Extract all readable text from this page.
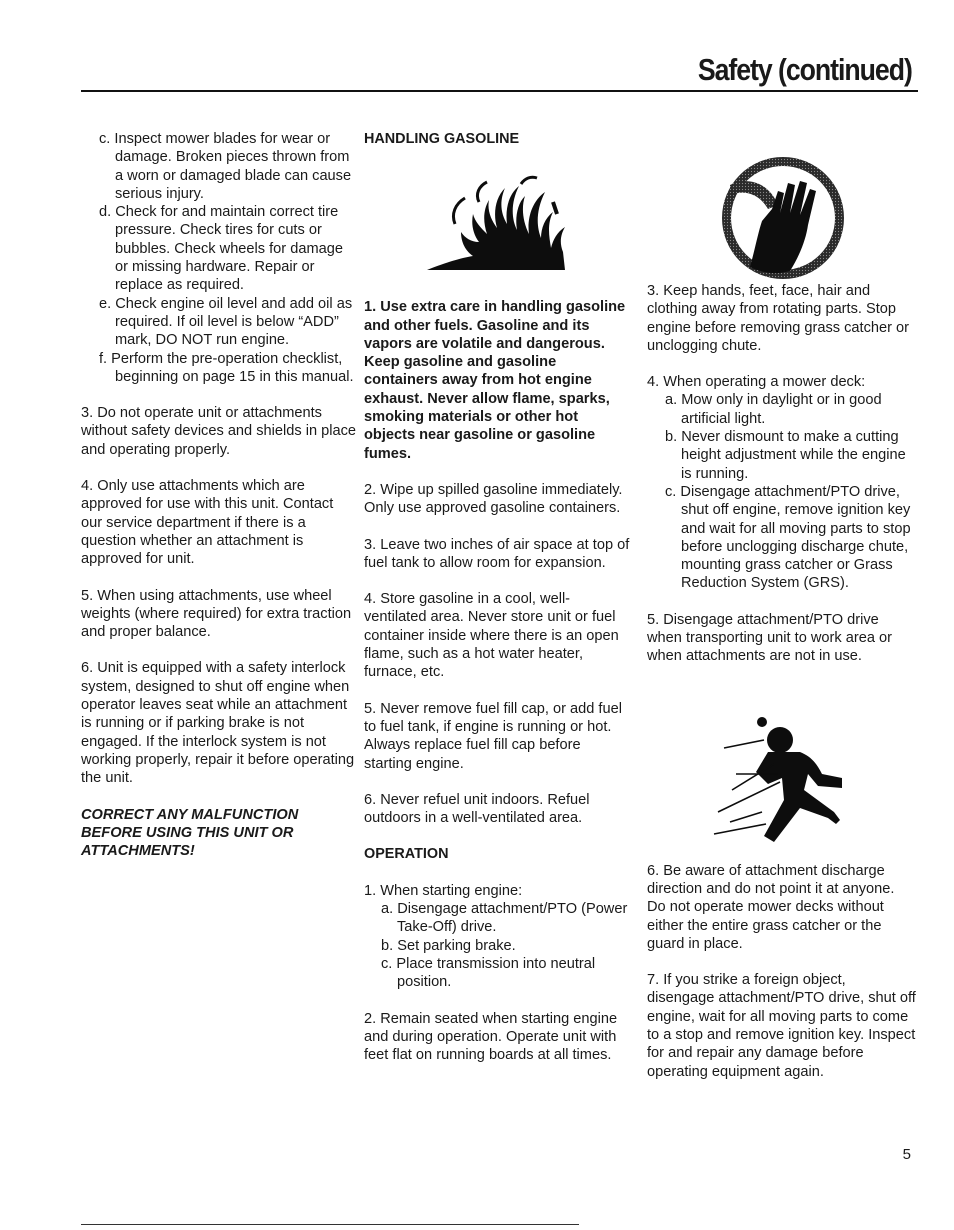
Safety (continued)

c. Inspect mower blades for wear or damage. Broken pieces thrown from a worn or damaged blade can cause serious injury.

d. Check for and maintain correct tire pressure. Check tires for cuts or bubbles. Check wheels for damage or missing hardware. Repair or replace as required.

e. Check engine oil level and add oil as required. If oil level is below “ADD” mark, DO NOT run engine.

f. Perform the pre-operation checklist, beginning on page 15 in this manual.

3. Do not operate unit or attachments without safety devices and shields in place and operating properly.

4. Only use attachments which are approved for use with this unit. Contact our service department if there is a question whether an attachment is approved for unit.

5. When using attachments, use wheel weights (where required) for extra traction and proper balance.

6. Unit is equipped with a safety interlock system, designed to shut off engine when operator leaves seat while an attachment is running or if parking brake is not engaged. If the interlock system is not working properly, repair it before operating the unit.

CORRECT ANY MALFUNCTION BEFORE USING THIS UNIT OR ATTACHMENTS!

HANDLING GASOLINE

1. Use extra care in handling gasoline and other fuels. Gasoline and its vapors are volatile and dangerous. Keep gasoline and gasoline containers away from hot engine exhaust. Never allow flame, sparks, smoking materials or other hot objects near gasoline or gasoline fumes.

2. Wipe up spilled gasoline immediately. Only use approved gasoline containers.

3. Leave two inches of air space at top of fuel tank to allow room for expansion.

4. Store gasoline in a cool, well-ventilated area. Never store unit or fuel container inside where there is an open flame, such as a hot water heater, furnace, etc.

5. Never remove fuel fill cap, or add fuel to fuel tank, if engine is running or hot. Always replace fuel fill cap before starting engine.

6. Never refuel unit indoors. Refuel outdoors in a well-ventilated area.

OPERATION

1. When starting engine:

a. Disengage attachment/PTO (Power Take-Off) drive.

b. Set parking brake.

c. Place transmission into neutral position.

2. Remain seated when starting engine and during operation. Operate unit with feet flat on running boards at all times.

3. Keep hands, feet, face, hair and clothing away from rotating parts. Stop engine before removing grass catcher or unclogging chute.

4. When operating a mower deck:

a. Mow only in daylight or in good artificial light.

b. Never dismount to make a cutting height adjustment while the engine is running.

c. Disengage attachment/PTO drive, shut off engine, remove ignition key and wait for all moving parts to stop before unclogging discharge chute, mounting grass catcher or Grass Reduction System (GRS).

5. Disengage attachment/PTO drive when transporting unit to work area or when attachments are not in use.

6. Be aware of attachment discharge direction and do not point it at anyone. Do not operate mower decks without either the entire grass catcher or the guard in place.

7. If you strike a foreign object, disengage attachment/PTO drive, shut off engine, wait for all moving parts to come to a stop and remove ignition key. Inspect for and repair any damage before operating equipment again.

5
